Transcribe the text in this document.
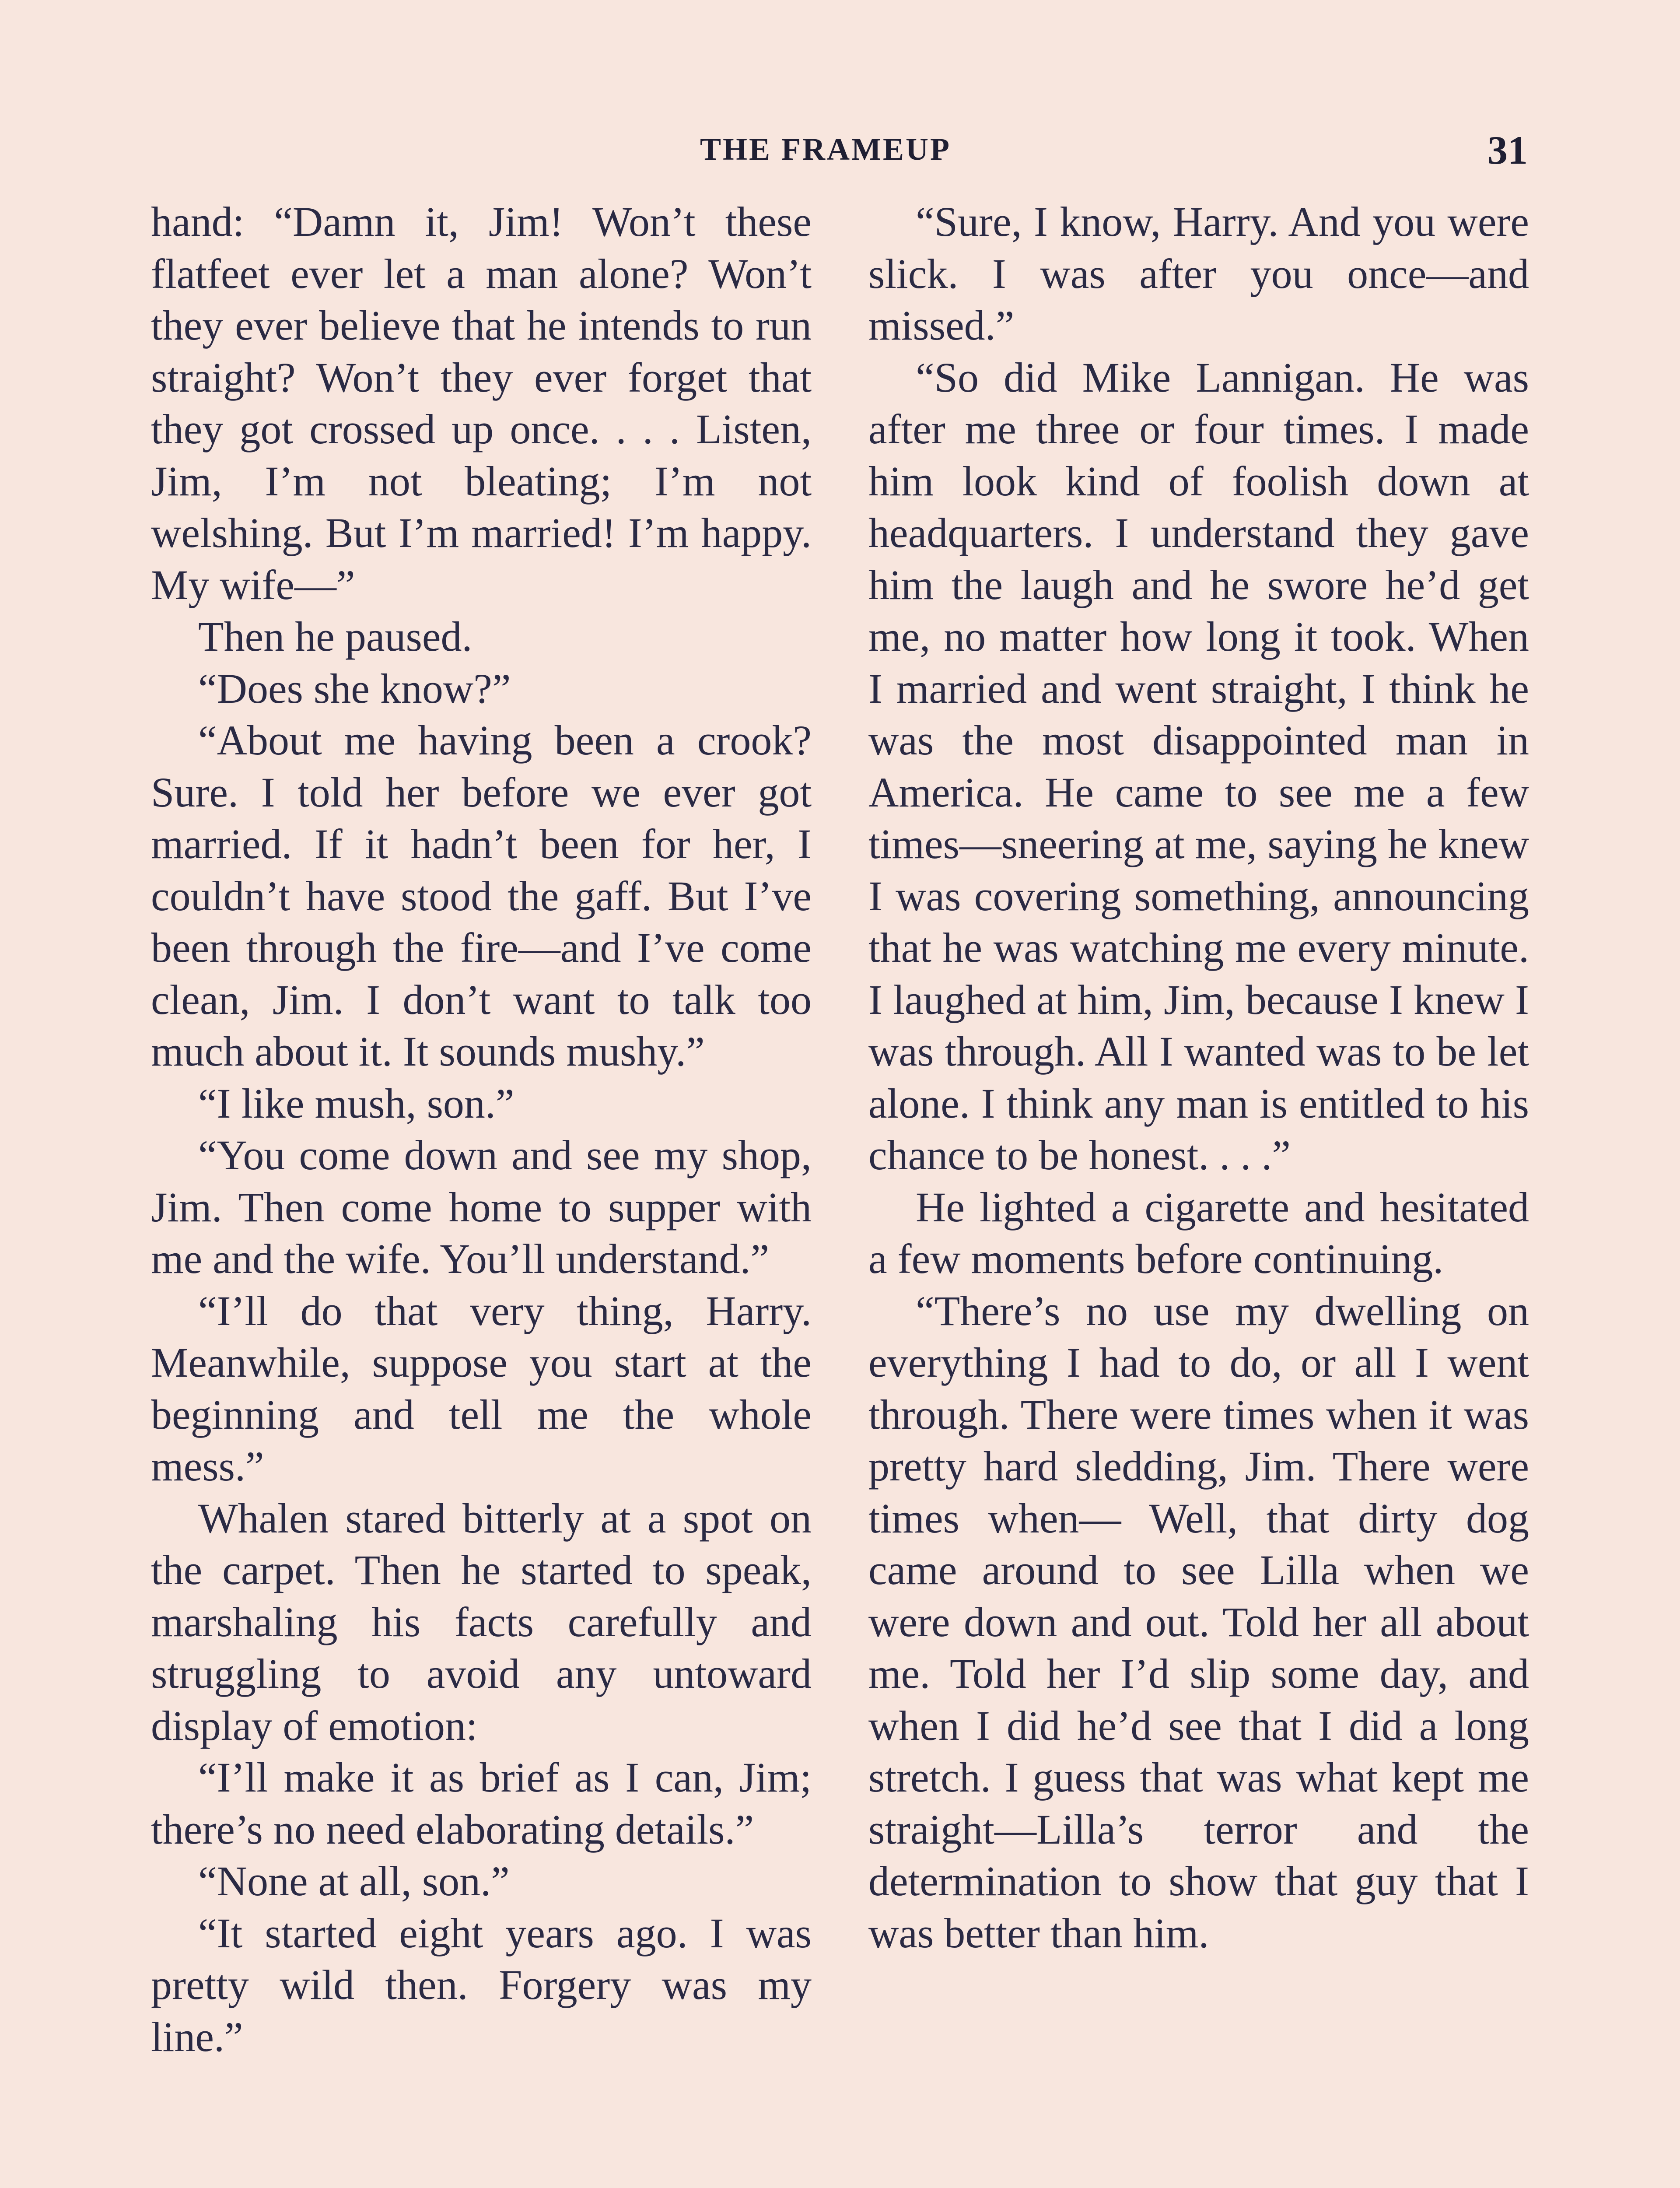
THE FRAMEUP	31

hand: “Damn it, Jim! Won’t these flatfeet ever let a man alone? Won’t they ever believe that he intends to run straight? Won’t they ever forget that they got crossed up once. . . . Listen, Jim, I’m not bleating; I’m not welshing. But I’m married! I’m happy. My wife—”

Then he paused.

“Does she know?”

“About me having been a crook? Sure. I told her before we ever got married. If it hadn’t been for her, I couldn’t have stood the gaff. But I’ve been through the fire—and I’ve come clean, Jim. I don’t want to talk too much about it. It sounds mushy.”

“I like mush, son.”

“You come down and see my shop, Jim. Then come home to supper with me and the wife. You’ll understand.”

“I’ll do that very thing, Harry. Meanwhile, suppose you start at the beginning and tell me the whole mess.”

Whalen stared bitterly at a spot on the carpet. Then he started to speak, marshaling his facts carefully and struggling to avoid any untoward display of emotion:

“I’ll make it as brief as I can, Jim; there’s no need elaborating details.”

“None at all, son.”

“It started eight years ago. I was pretty wild then. Forgery was my line.”

“Sure, I know, Harry. And you were slick. I was after you once—and missed.”

“So did Mike Lannigan. He was after me three or four times. I made him look kind of foolish down at headquarters. I understand they gave him the laugh and he swore he’d get me, no matter how long it took. When I married and went straight, I think he was the most disappointed man in America. He came to see me a few times—sneering at me, saying he knew I was covering something, announcing that he was watching me every minute. I laughed at him, Jim, because I knew I was through. All I wanted was to be let alone. I think any man is entitled to his chance to be honest. . . .”

He lighted a cigarette and hesitated a few moments before continuing.

“There’s no use my dwelling on everything I had to do, or all I went through. There were times when it was pretty hard sledding, Jim. There were times when— Well, that dirty dog came around to see Lilla when we were down and out. Told her all about me. Told her I’d slip some day, and when I did he’d see that I did a long stretch. I guess that was what kept me straight—Lilla’s terror and the determination to show that guy that I was better than him.
